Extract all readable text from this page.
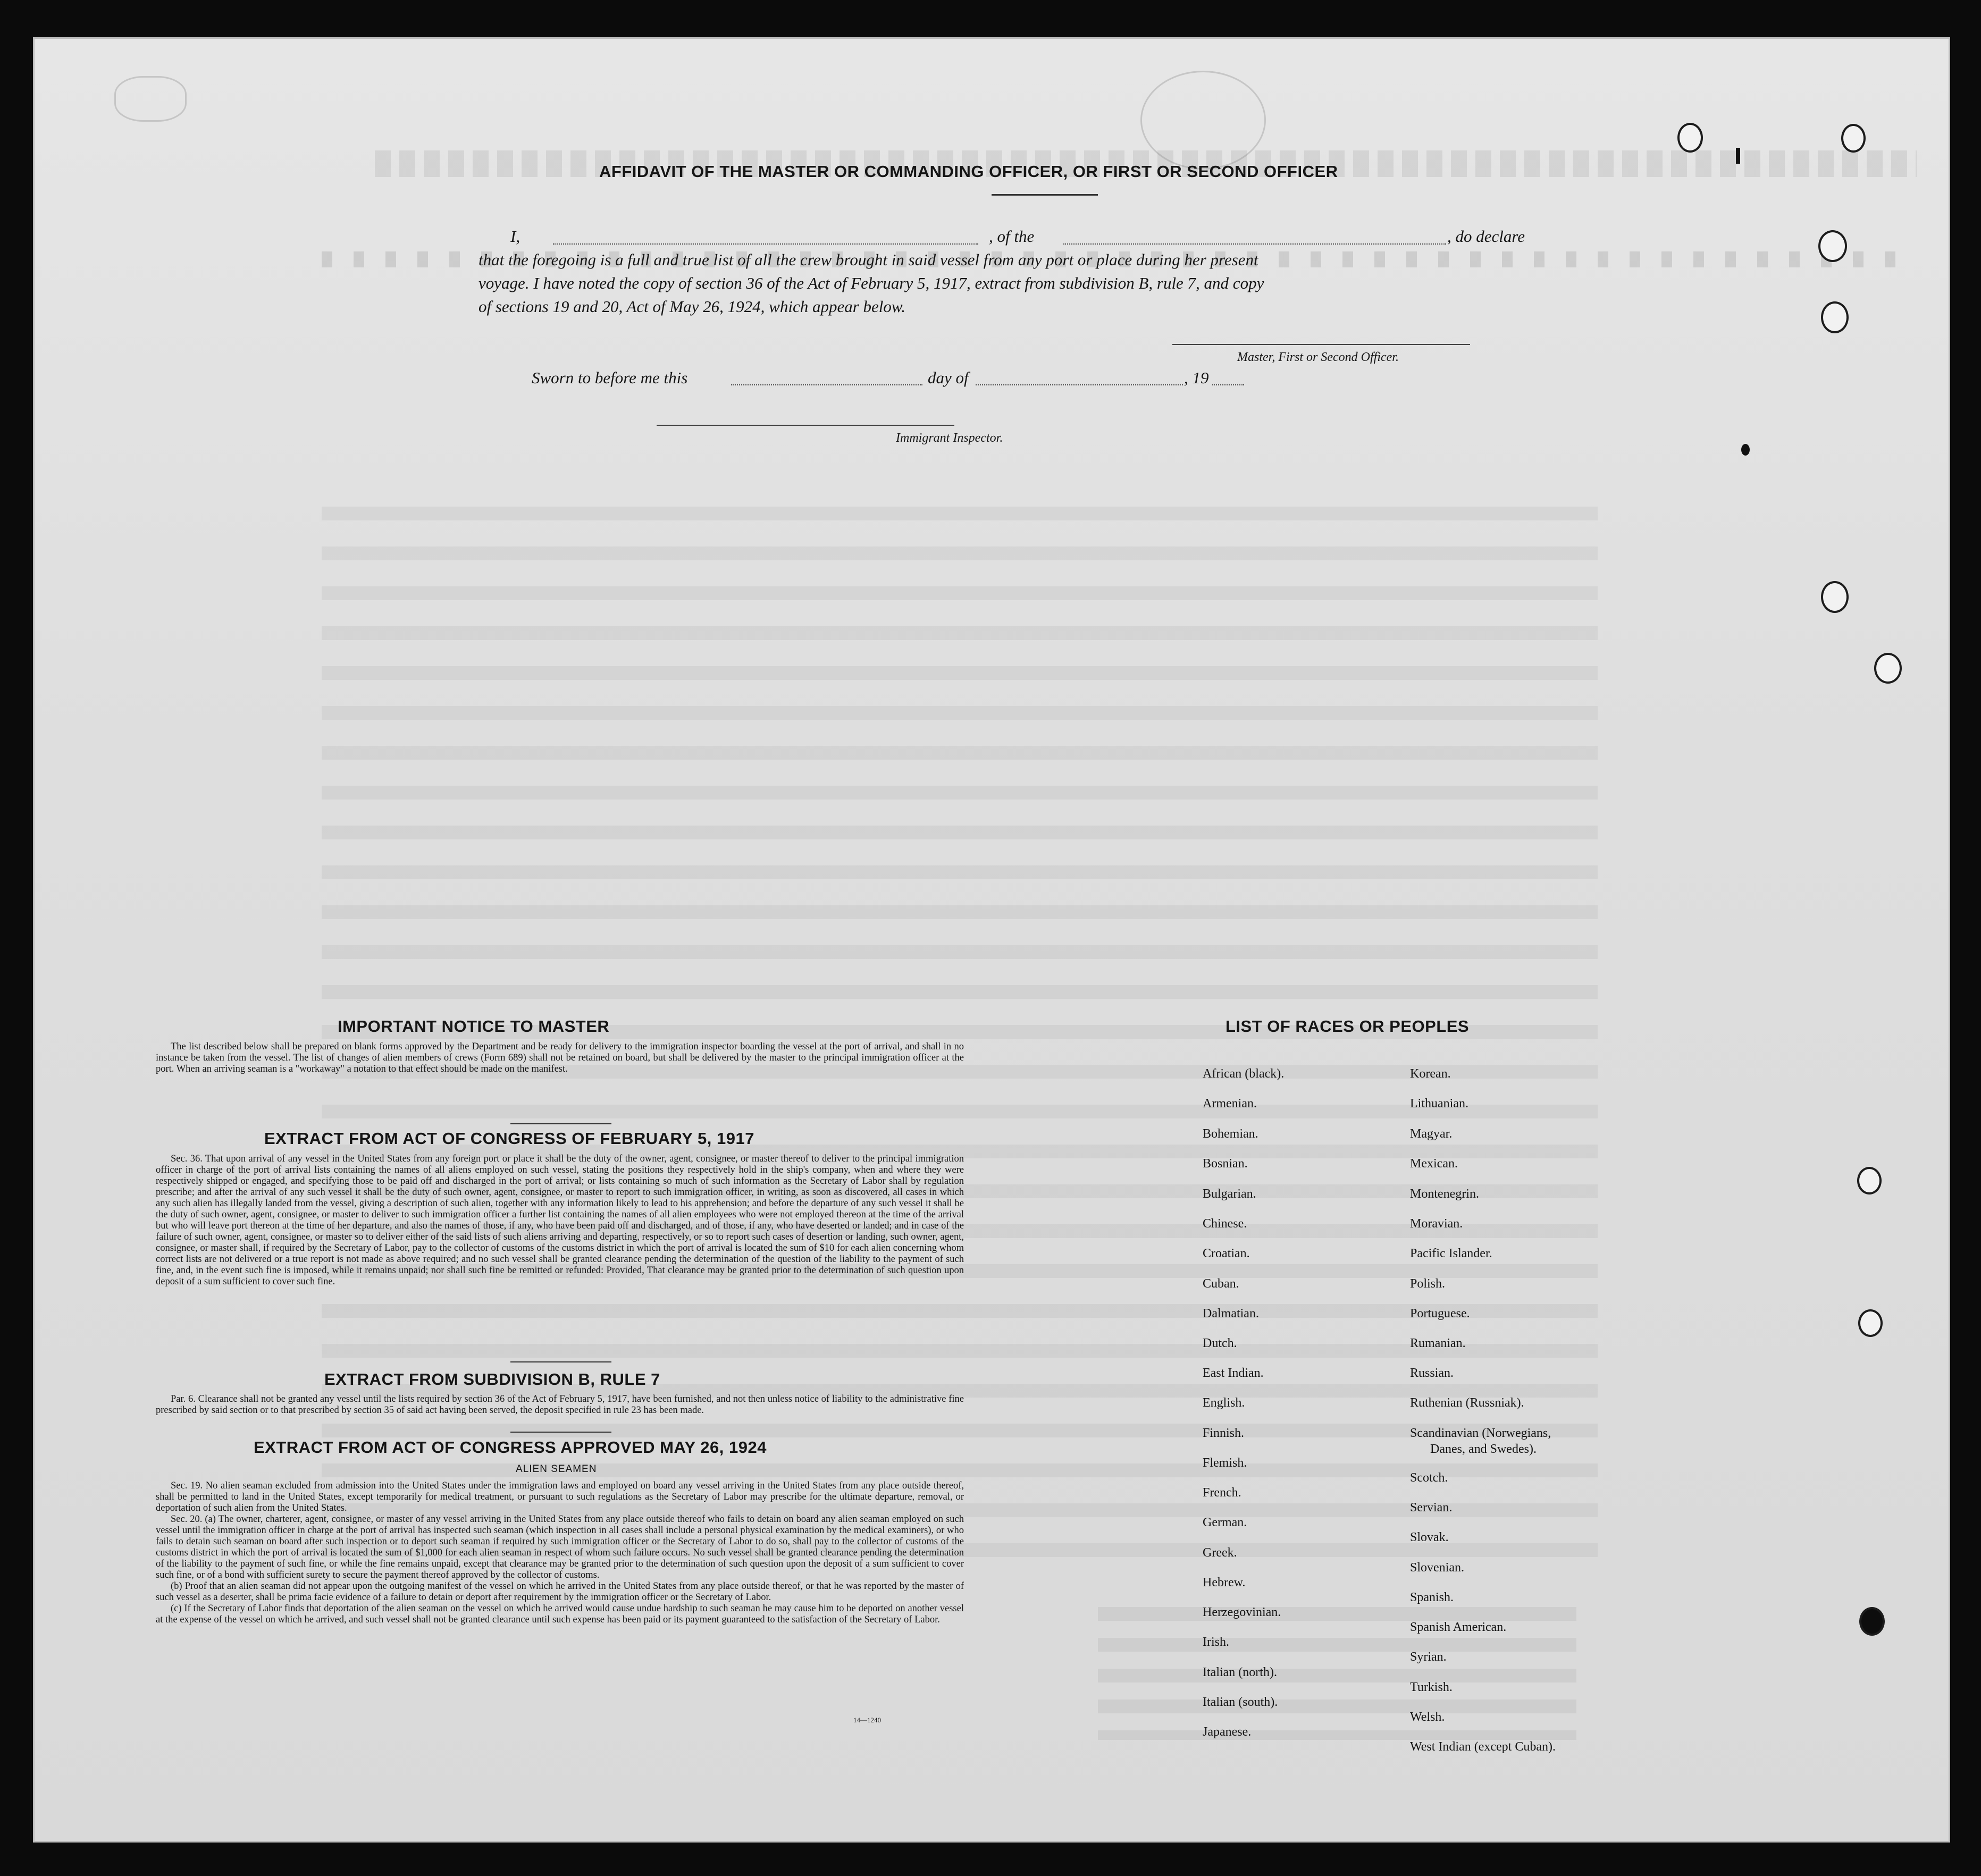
AFFIDAVIT OF THE MASTER OR COMMANDING OFFICER, OR FIRST OR SECOND OFFICER
I,	, of the	, do declare
that the foregoing is a full and true list of all the crew brought in said vessel from any port or place during her present
voyage. I have noted the copy of section 36 of the Act of February 5, 1917, extract from subdivision B, rule 7, and copy
of sections 19 and 20, Act of May 26, 1924, which appear below.
Master, First or Second Officer.
Sworn to before me this	day of	, 19
Immigrant Inspector.
IMPORTANT NOTICE TO MASTER

The list described below shall be prepared on blank forms approved by the Department and be ready for delivery to the immigration inspector boarding the vessel at the port of arrival, and shall in no instance be taken from the vessel. The list of changes of alien members of crews (Form 689) shall not be retained on board, but shall be delivered by the master to the principal immigration officer at the port. When an arriving seaman is a "workaway" a notation to that effect should be made on the manifest.

EXTRACT FROM ACT OF CONGRESS OF FEBRUARY 5, 1917

Sec. 36. That upon arrival of any vessel in the United States from any foreign port or place it shall be the duty of the owner, agent, consignee, or master thereof to deliver to the principal immigration officer in charge of the port of arrival lists containing the names of all aliens employed on such vessel, stating the positions they respectively hold in the ship's company, when and where they were respectively shipped or engaged, and specifying those to be paid off and discharged in the port of arrival; or lists containing so much of such information as the Secretary of Labor shall by regulation prescribe; and after the arrival of any such vessel it shall be the duty of such owner, agent, consignee, or master to report to such immigration officer, in writing, as soon as discovered, all cases in which any such alien has illegally landed from the vessel, giving a description of such alien, together with any information likely to lead to his apprehension; and before the departure of any such vessel it shall be the duty of such owner, agent, consignee, or master to deliver to such immigration officer a further list containing the names of all alien employees who were not employed thereon at the time of the arrival but who will leave port thereon at the time of her departure, and also the names of those, if any, who have been paid off and discharged, and of those, if any, who have deserted or landed; and in case of the failure of such owner, agent, consignee, or master so to deliver either of the said lists of such aliens arriving and departing, respectively, or so to report such cases of desertion or landing, such owner, agent, consignee, or master shall, if required by the Secretary of Labor, pay to the collector of customs of the customs district in which the port of arrival is located the sum of $10 for each alien concerning whom correct lists are not delivered or a true report is not made as above required; and no such vessel shall be granted clearance pending the determination of the question of the liability to the payment of such fine, and, in the event such fine is imposed, while it remains unpaid; nor shall such fine be remitted or refunded: Provided, That clearance may be granted prior to the determination of such question upon deposit of a sum sufficient to cover such fine.

EXTRACT FROM SUBDIVISION B, RULE 7

Par. 6. Clearance shall not be granted any vessel until the lists required by section 36 of the Act of February 5, 1917, have been furnished, and not then unless notice of liability to the administrative fine prescribed by said section or to that prescribed by section 35 of said act having been served, the deposit specified in rule 23 has been made.

EXTRACT FROM ACT OF CONGRESS APPROVED MAY 26, 1924
ALIEN SEAMEN

Sec. 19. No alien seaman excluded from admission into the United States under the immigration laws and employed on board any vessel arriving in the United States from any place outside thereof, shall be permitted to land in the United States, except temporarily for medical treatment, or pursuant to such regulations as the Secretary of Labor may prescribe for the ultimate departure, removal, or deportation of such alien from the United States.

Sec. 20. (a) The owner, charterer, agent, consignee, or master of any vessel arriving in the United States from any place outside thereof who fails to detain on board any alien seaman employed on such vessel until the immigration officer in charge at the port of arrival has inspected such seaman (which inspection in all cases shall include a personal physical examination by the medical examiners), or who fails to detain such seaman on board after such inspection or to deport such seaman if required by such immigration officer or the Secretary of Labor to do so, shall pay to the collector of customs of the customs district in which the port of arrival is located the sum of $1,000 for each alien seaman in respect of whom such failure occurs. No such vessel shall be granted clearance pending the determination of the liability to the payment of such fine, or while the fine remains unpaid, except that clearance may be granted prior to the determination of such question upon the deposit of a sum sufficient to cover such fine, or of a bond with sufficient surety to secure the payment thereof approved by the collector of customs.

(b) Proof that an alien seaman did not appear upon the outgoing manifest of the vessel on which he arrived in the United States from any place outside thereof, or that he was reported by the master of such vessel as a deserter, shall be prima facie evidence of a failure to detain or deport after requirement by the immigration officer or the Secretary of Labor.

(c) If the Secretary of Labor finds that deportation of the alien seaman on the vessel on which he arrived would cause undue hardship to such seaman he may cause him to be deported on another vessel at the expense of the vessel on which he arrived, and such vessel shall not be granted clearance until such expense has been paid or its payment guaranteed to the satisfaction of the Secretary of Labor.

14—1240
LIST OF RACES OR PEOPLES
African (black).
Armenian.
Bohemian.
Bosnian.
Bulgarian.
Chinese.
Croatian.
Cuban.
Dalmatian.
Dutch.
East Indian.
English.
Finnish.
Flemish.
French.
German.
Greek.
Hebrew.
Herzegovinian.
Irish.
Italian (north).
Italian (south).
Japanese.
Korean.
Lithuanian.
Magyar.
Mexican.
Montenegrin.
Moravian.
Pacific Islander.
Polish.
Portuguese.
Rumanian.
Russian.
Ruthenian (Russniak).
Scandinavian (Norwegians,
Danes, and Swedes).
Scotch.
Servian.
Slovak.
Slovenian.
Spanish.
Spanish American.
Syrian.
Turkish.
Welsh.
West Indian (except Cuban).
